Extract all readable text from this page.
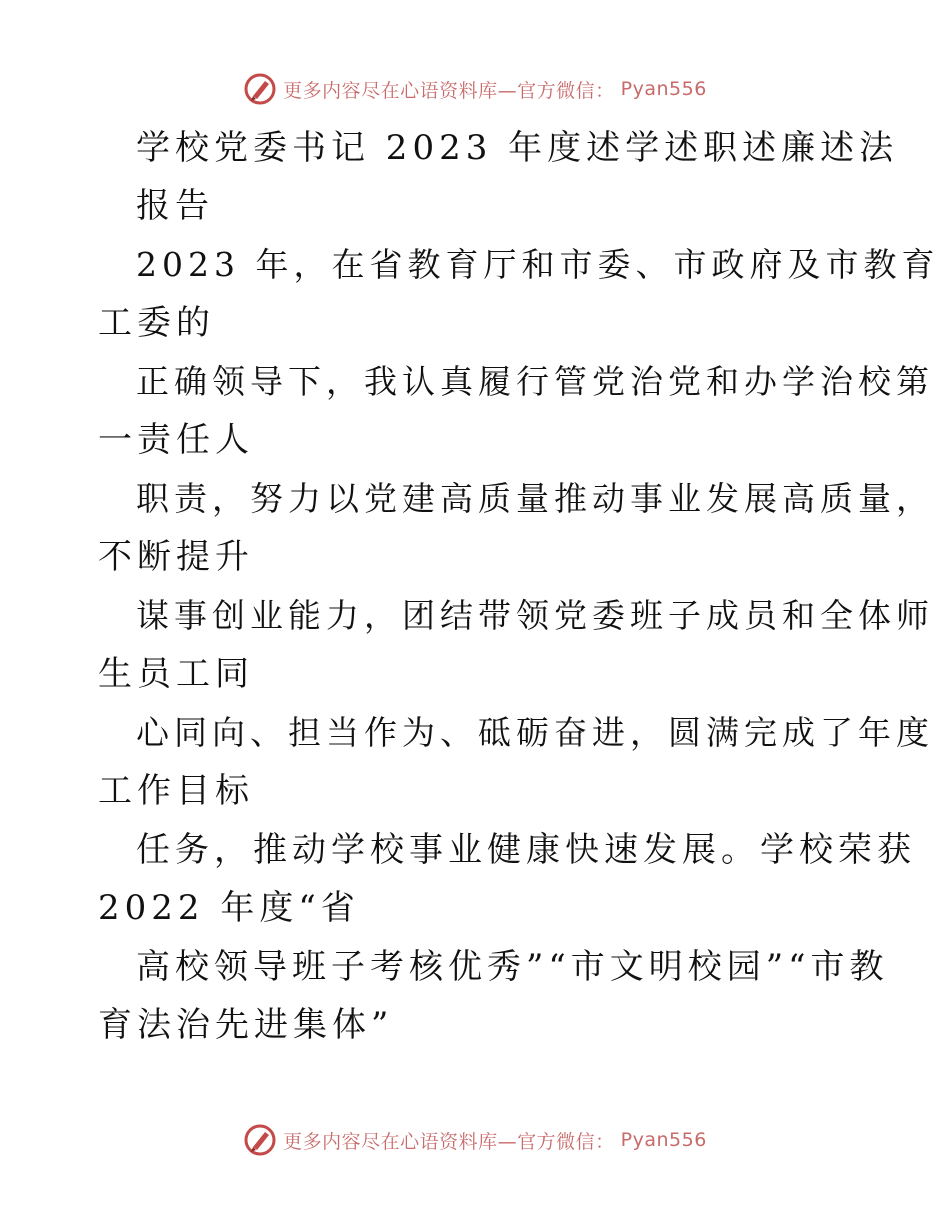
更多内容尽在心语资料库—官方微信： Pyan556
学校党委书记 2023 年度述学述职述廉述法
报告
2023 年，在省教育厅和市委、市政府及市教育
工委的
正确领导下，我认真履行管党治党和办学治校第
一责任人
职责，努力以党建高质量推动事业发展高质量，
不断提升
谋事创业能力，团结带领党委班子成员和全体师
生员工同
心同向、担当作为、砥砺奋进，圆满完成了年度
工作目标
任务，推动学校事业健康快速发展。学校荣获
2022 年度“省
高校领导班子考核优秀”“市文明校园”“市教
育法治先进集体”
更多内容尽在心语资料库—官方微信： Pyan556
